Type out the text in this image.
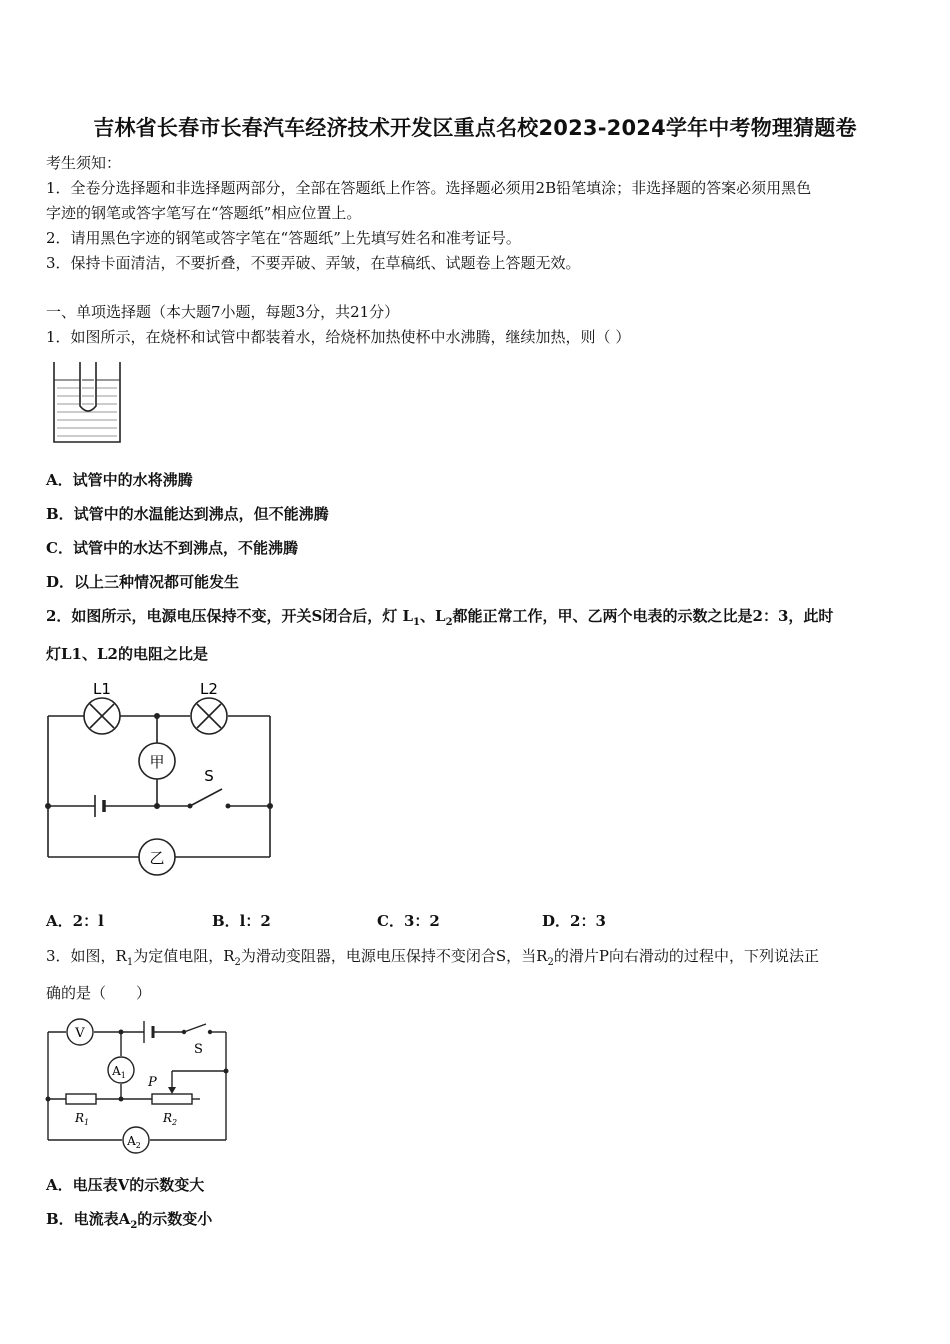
吉林省长春市长春汽车经济技术开发区重点名校2023-2024学年中考物理猜题卷
考生须知：
1．全卷分选择题和非选择题两部分，全部在答题纸上作答。选择题必须用2B铅笔填涂；非选择题的答案必须用黑色
字迹的钢笔或答字笔写在“答题纸”相应位置上。
2．请用黑色字迹的钢笔或答字笔在“答题纸”上先填写姓名和准考证号。
3．保持卡面清洁，不要折叠，不要弄破、弄皱，在草稿纸、试题卷上答题无效。
一、单项选择题（本大题7小题，每题3分，共21分）
1．如图所示，在烧杯和试管中都装着水，给烧杯加热使杯中水沸腾，继续加热，则（ ）
A．试管中的水将沸腾
B．试管中的水温能达到沸点，但不能沸腾
C．试管中的水达不到沸点，不能沸腾
D．以上三种情况都可能发生
2．如图所示，电源电压保持不变，开关S闭合后，灯 $L_1$、$L_2$都能正常工作，甲、乙两个电表的示数之比是2：3，此时
灯L1、L2的电阻之比是
L1	L2
甲
乙
S
A．2：l	B．l：2	C．3：2	D．2：3
3．如图，$R_1$为定值电阻，$R_2$为滑动变阻器，电源电压保持不变闭合S，当$R_2$的滑片P向右滑动的过程中，下列说法正
确的是（　　）
V
$A_1$
$A_2$
S
P
$R_1$	$R_2$
A．电压表V的示数变大
B．电流表$A_2$的示数变小
